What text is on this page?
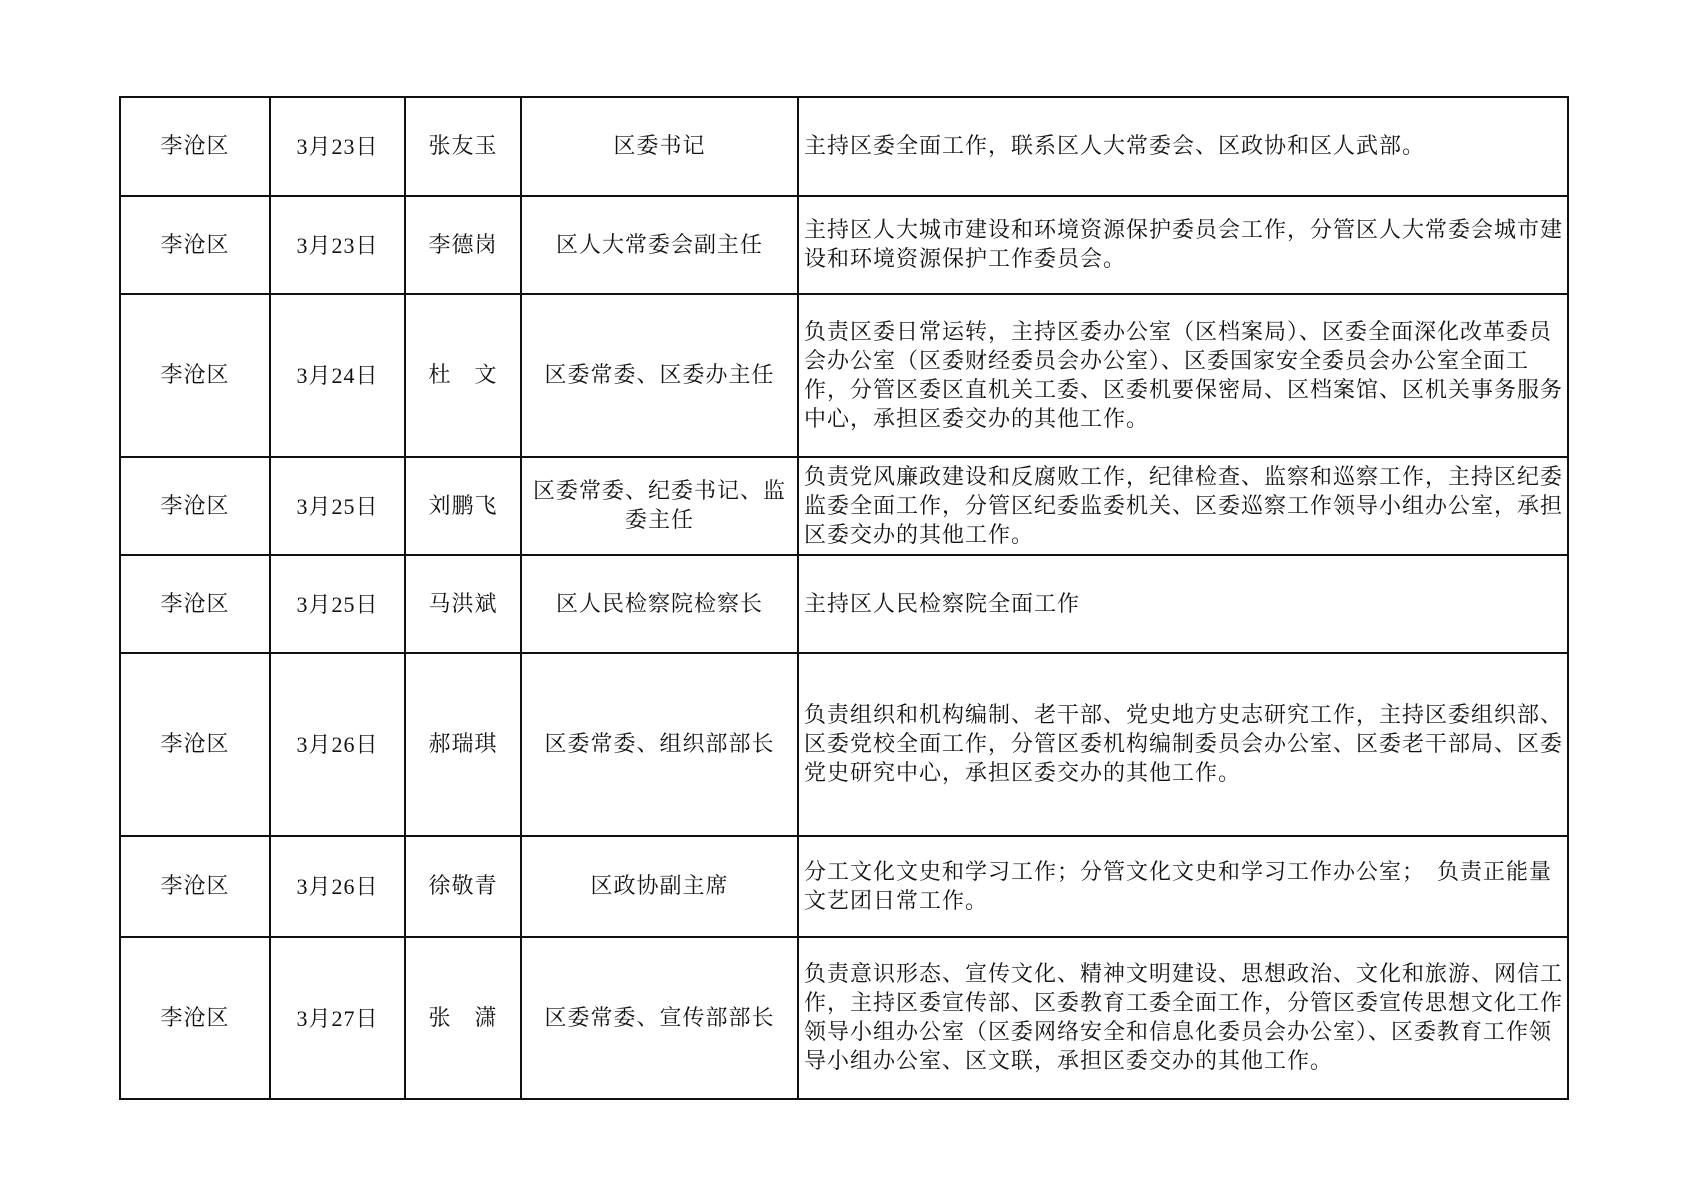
李沧区	3月23日	张友玉	区委书记	主持区委全面工作，联系区人大常委会、区政协和区人武部。
李沧区	3月23日	李德岗	区人大常委会副主任	主持区人大城市建设和环境资源保护委员会工作，分管区人大常委会城市建设和环境资源保护工作委员会。
李沧区	3月24日	杜　文	区委常委、区委办主任	负责区委日常运转，主持区委办公室（区档案局）、区委全面深化改革委员会办公室（区委财经委员会办公室）、区委国家安全委员会办公室全面工作，分管区委区直机关工委、区委机要保密局、区档案馆、区机关事务服务中心，承担区委交办的其他工作。
李沧区	3月25日	刘鹏飞	区委常委、纪委书记、监委主任	负责党风廉政建设和反腐败工作，纪律检查、监察和巡察工作，主持区纪委监委全面工作，分管区纪委监委机关、区委巡察工作领导小组办公室，承担区委交办的其他工作。
李沧区	3月25日	马洪斌	区人民检察院检察长	主持区人民检察院全面工作
李沧区	3月26日	郝瑞琪	区委常委、组织部部长	负责组织和机构编制、老干部、党史地方史志研究工作，主持区委组织部、区委党校全面工作，分管区委机构编制委员会办公室、区委老干部局、区委党史研究中心，承担区委交办的其他工作。
李沧区	3月26日	徐敬青	区政协副主席	分工文化文史和学习工作；分管文化文史和学习工作办公室；　负责正能量文艺团日常工作。
李沧区	3月27日	张　潇	区委常委、宣传部部长	负责意识形态、宣传文化、精神文明建设、思想政治、文化和旅游、网信工作，主持区委宣传部、区委教育工委全面工作，分管区委宣传思想文化工作领导小组办公室（区委网络安全和信息化委员会办公室）、区委教育工作领导小组办公室、区文联，承担区委交办的其他工作。
